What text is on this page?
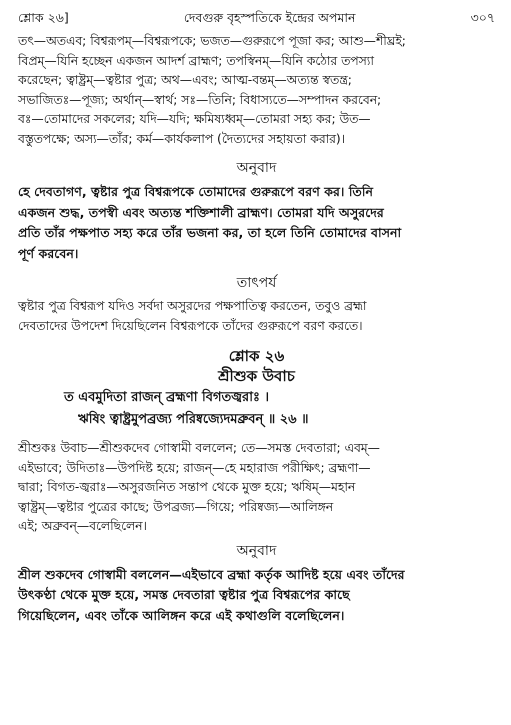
শ্লোক ২৬]	দেবগুরু বৃহস্পতিকে ইন্দ্রের অপমান	৩০৭
তৎ—অতএব; বিশ্বরূপম্—বিশ্বরূপকে; ভজত—গুরুরূপে পূজা কর; আশু—শীঘ্রই;
বিপ্রম্—যিনি হচ্ছেন একজন আদর্শ ব্রাহ্মণ; তপস্বিনম্—যিনি কঠোর তপস্যা
করেছেন; ত্বাষ্ট্রম্—ত্বষ্টার পুত্র; অথ—এবং; আত্ম-বন্তম্—অত্যন্ত স্বতন্ত্র;
সভাজিতঃ—পূজ্য; অর্থান্—স্বার্থ; সঃ—তিনি; বিধাস্যতে—সম্পাদন করবেন;
বঃ—তোমাদের সকলের; যদি—যদি; ক্ষমিষ্যধ্বম্—তোমরা সহ্য কর; উত—
বস্তুতপক্ষে; অস্য—তাঁর; কর্ম—কার্যকলাপ (দৈত্যদের সহায়তা করার)।
অনুবাদ
হে দেবতাগণ, ত্বষ্টার পুত্র বিশ্বরূপকে তোমাদের গুরুরূপে বরণ কর। তিনি
একজন শুদ্ধ, তপস্বী এবং অত্যন্ত শক্তিশালী ব্রাহ্মণ। তোমরা যদি অসুরদের
প্রতি তাঁর পক্ষপাত সহ্য করে তাঁর ভজনা কর, তা হলে তিনি তোমাদের বাসনা
পূর্ণ করবেন।
তাৎপর্য
ত্বষ্টার পুত্র বিশ্বরূপ যদিও সর্বদা অসুরদের পক্ষপাতিত্ব করতেন, তবুও ব্রহ্মা
দেবতাদের উপদেশ দিয়েছিলেন বিশ্বরূপকে তাঁদের গুরুরূপে বরণ করতে।
শ্লোক ২৬
শ্রীশুক উবাচ
ত এবমুদিতা রাজন্ ব্রহ্মণা বিগতজ্বরাঃ ।
ঋষিং ত্বাষ্ট্রমুপব্রজ্য পরিষ্বজ্যেদমব্রুবন্ ॥ ২৬ ॥
শ্রীশুকঃ উবাচ—শ্রীশুকদেব গোস্বামী বললেন; তে—সমস্ত দেবতারা; এবম্—
এইভাবে; উদিতাঃ—উপদিষ্ট হয়ে; রাজন্—হে মহারাজ পরীক্ষিৎ; ব্রহ্মণা—
দ্বারা; বিগত-জ্বরাঃ—অসুরজনিত সন্তাপ থেকে মুক্ত হয়ে; ঋষিম্—মহান
ত্বাষ্ট্রম্—ত্বষ্টার পুত্রের কাছে; উপব্রজ্য—গিয়ে; পরিষ্বজ্য—আলিঙ্গন
এই; অব্রুবন্—বলেছিলেন।
অনুবাদ
শ্রীল শুকদেব গোস্বামী বললেন—এইভাবে ব্রহ্মা কর্তৃক আদিষ্ট হয়ে এবং তাঁদের
উৎকণ্ঠা থেকে মুক্ত হয়ে, সমস্ত দেবতারা ত্বষ্টার পুত্র বিশ্বরূপের কাছে
গিয়েছিলেন, এবং তাঁকে আলিঙ্গন করে এই কথাগুলি বলেছিলেন।
